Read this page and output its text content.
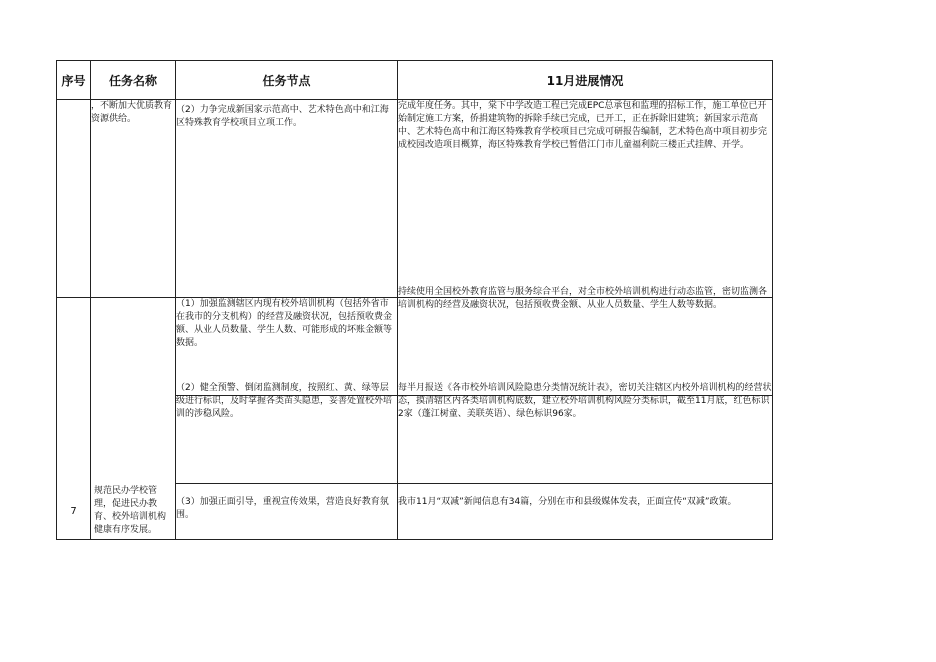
序号	任务名称	任务节点	11月进展情况

	，不断加大优质教育资源供给。	（2）力争完成新国家示范高中、艺术特色高中和江海区特殊教育学校项目立项工作。	完成年度任务。其中，棠下中学改造工程已完成EPC总承包和监理的招标工作，施工单位已开始制定施工方案，侨捐建筑物的拆除手续已完成，已开工，正在拆除旧建筑；新国家示范高中、艺术特色高中和江海区特殊教育学校项目已完成可研报告编制，艺术特色高中项目初步完成校园改造项目概算，海区特殊教育学校已暂借江门市儿童福利院三楼正式挂牌、开学。

7	规范民办学校管理，促进民办教育、校外培训机构健康有序发展。	（1）加强监测辖区内现有校外培训机构（包括外省市在我市的分支机构）的经营及融资状况，包括预收费金额、从业人员数量、学生人数、可能形成的坏账金额等数据。	持续使用全国校外教育监管与服务综合平台，对全市校外培训机构进行动态监管，密切监测各培训机构的经营及融资状况，包括预收费金额、从业人员数量、学生人数等数据。

		（2）健全预警、倒闭监测制度，按照红、黄、绿等层级进行标识，及时掌握各类苗头隐患，妥善处置校外培训的涉稳风险。	每半月报送《各市校外培训风险隐患分类情况统计表》，密切关注辖区内校外培训机构的经营状态，摸清辖区内各类培训机构底数，建立校外培训机构风险分类标识，截至11月底，红色标识2家（蓬江树童、美联英语）、绿色标识96家。

		（3）加强正面引导，重视宣传效果，营造良好教育氛围。	我市11月“双减”新闻信息有34篇，分别在市和县级媒体发表，正面宣传“双减”政策。
